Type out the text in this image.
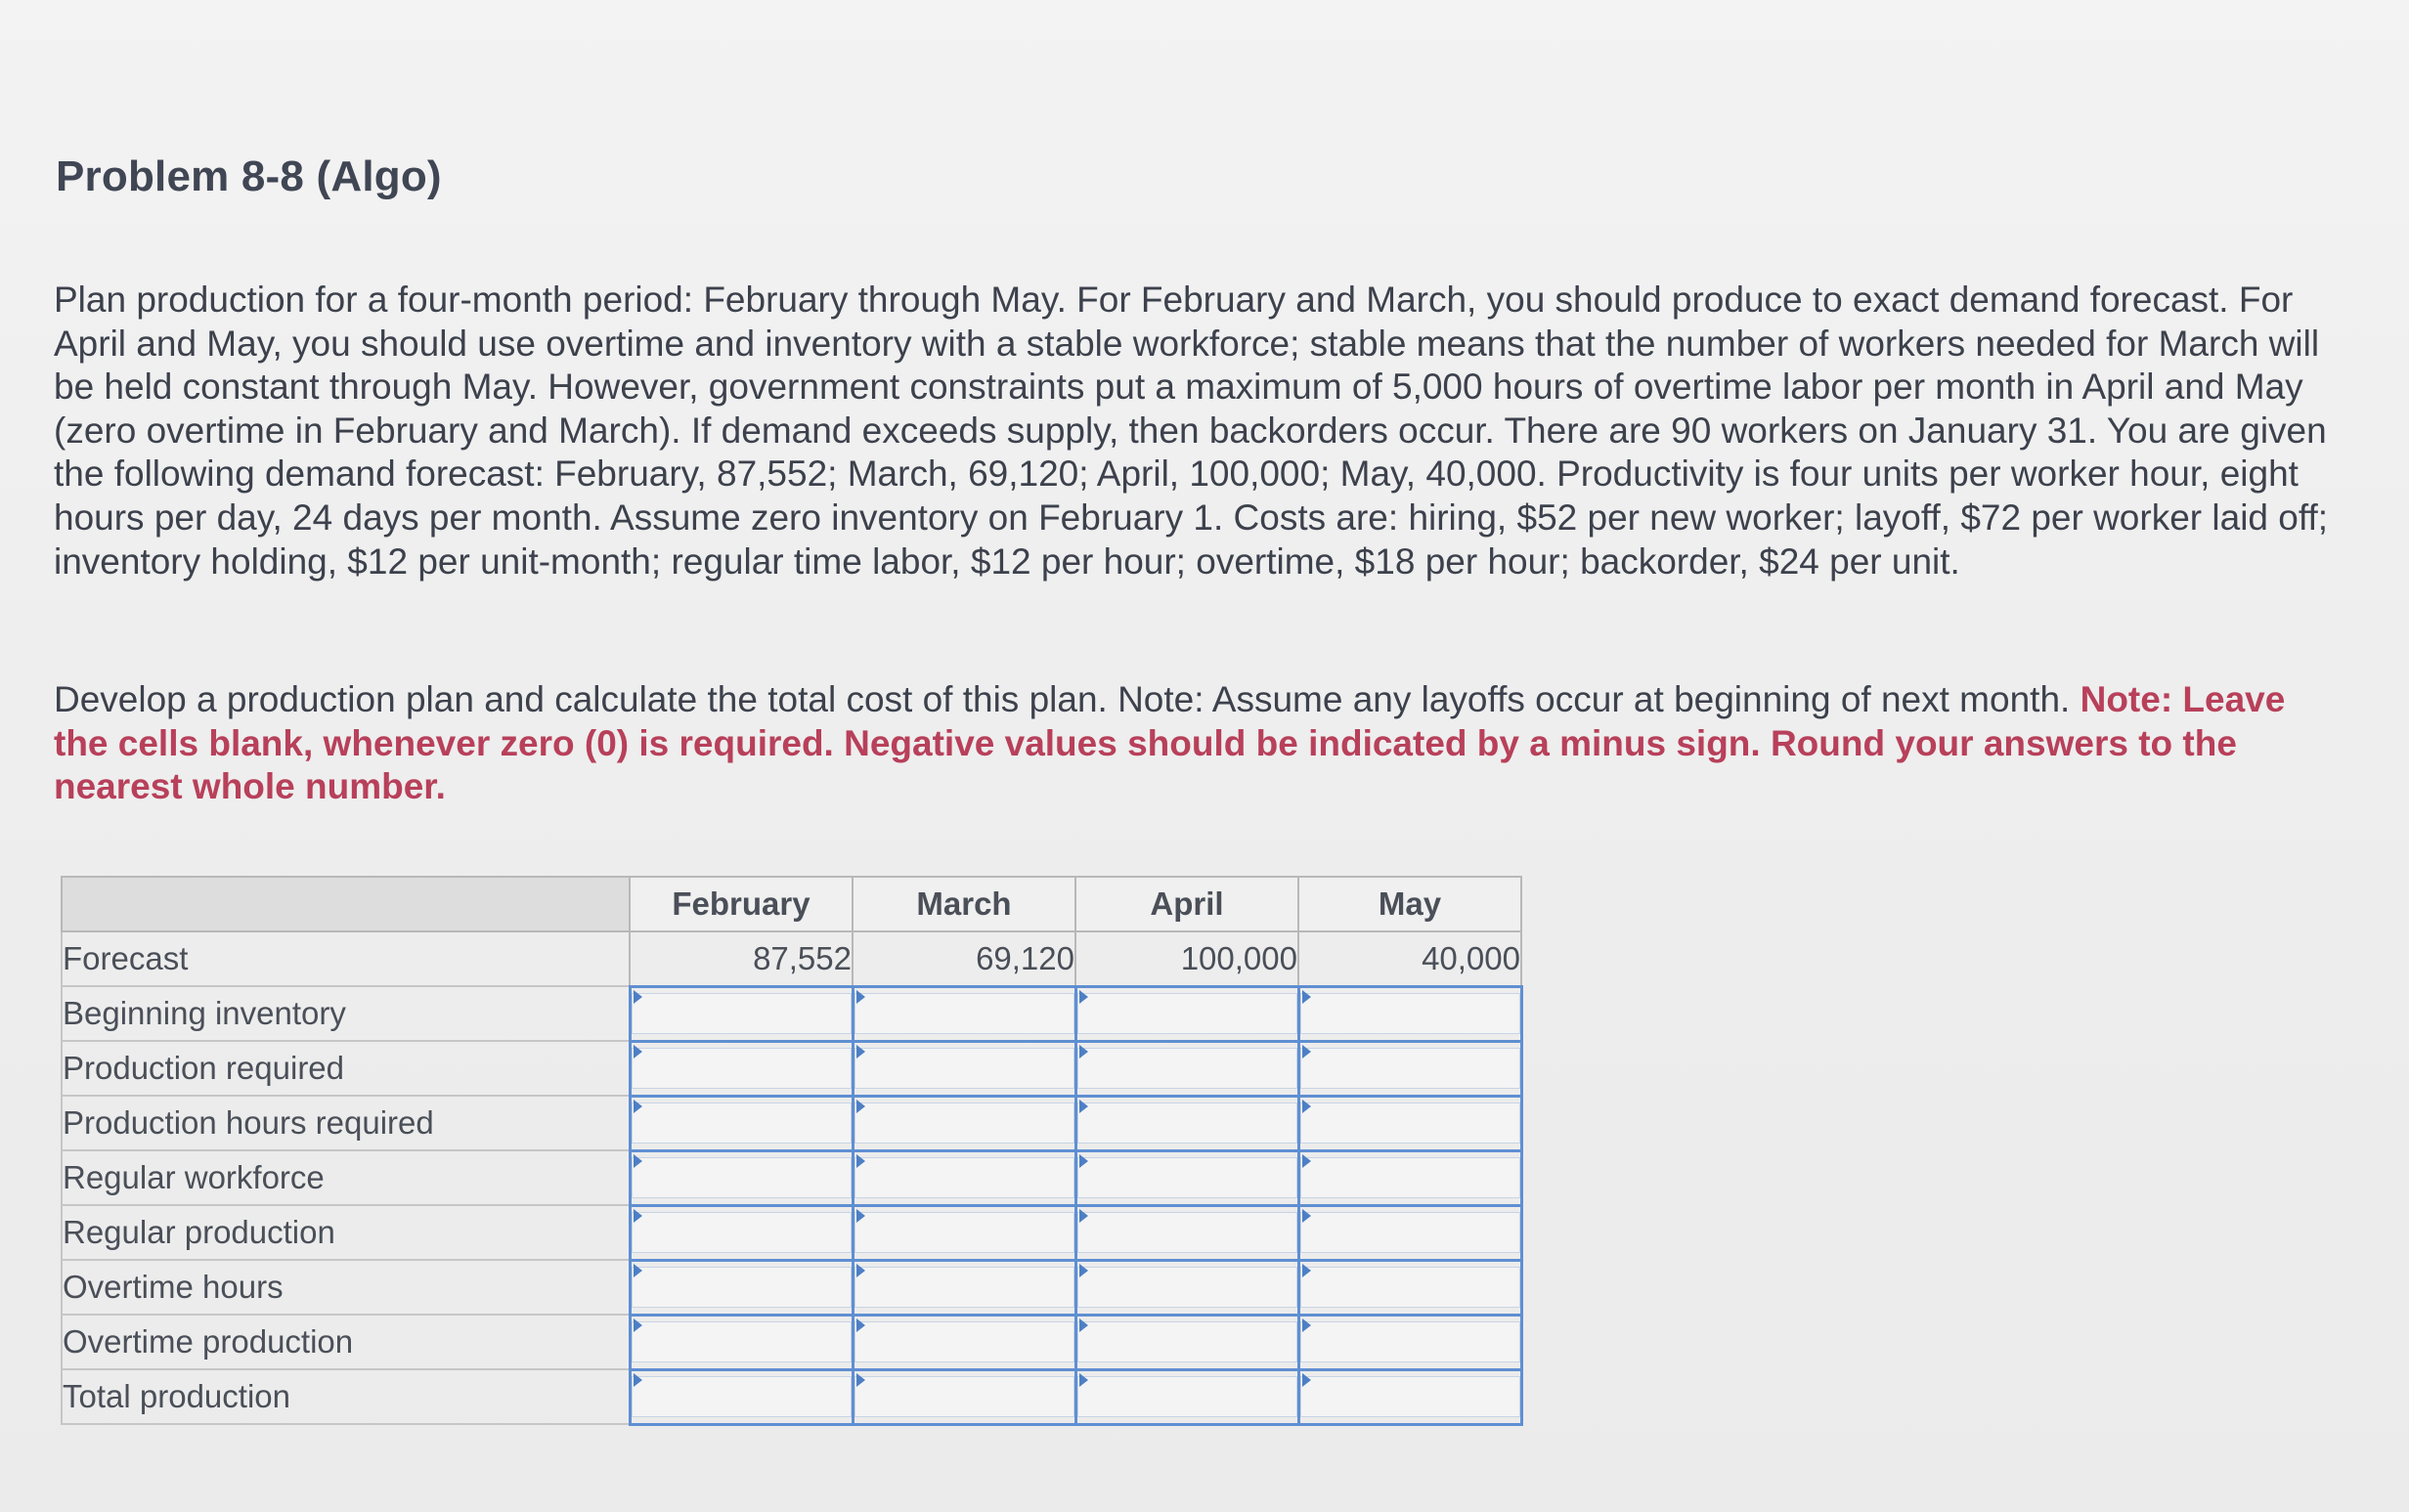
Problem 8-8 (Algo)
Plan production for a four-month period: February through May. For February and March, you should produce to exact demand forecast. For April and May, you should use overtime and inventory with a stable workforce; stable means that the number of workers needed for March will be held constant through May. However, government constraints put a maximum of 5,000 hours of overtime labor per month in April and May (zero overtime in February and March). If demand exceeds supply, then backorders occur. There are 90 workers on January 31. You are given the following demand forecast: February, 87,552; March, 69,120; April, 100,000; May, 40,000. Productivity is four units per worker hour, eight hours per day, 24 days per month. Assume zero inventory on February 1. Costs are: hiring, $52 per new worker; layoff, $72 per worker laid off; inventory holding, $12 per unit-month; regular time labor, $12 per hour; overtime, $18 per hour; backorder, $24 per unit.
Develop a production plan and calculate the total cost of this plan. Note: Assume any layoffs occur at beginning of next month. Note: Leave the cells blank, whenever zero (0) is required. Negative values should be indicated by a minus sign. Round your answers to the nearest whole number.
	February	March	April	May
Forecast	87,552	69,120	100,000	40,000
Beginning inventory	

Production required	

Production hours required	

Regular workforce	

Regular production	

Overtime hours	

Overtime production	

Total production	
